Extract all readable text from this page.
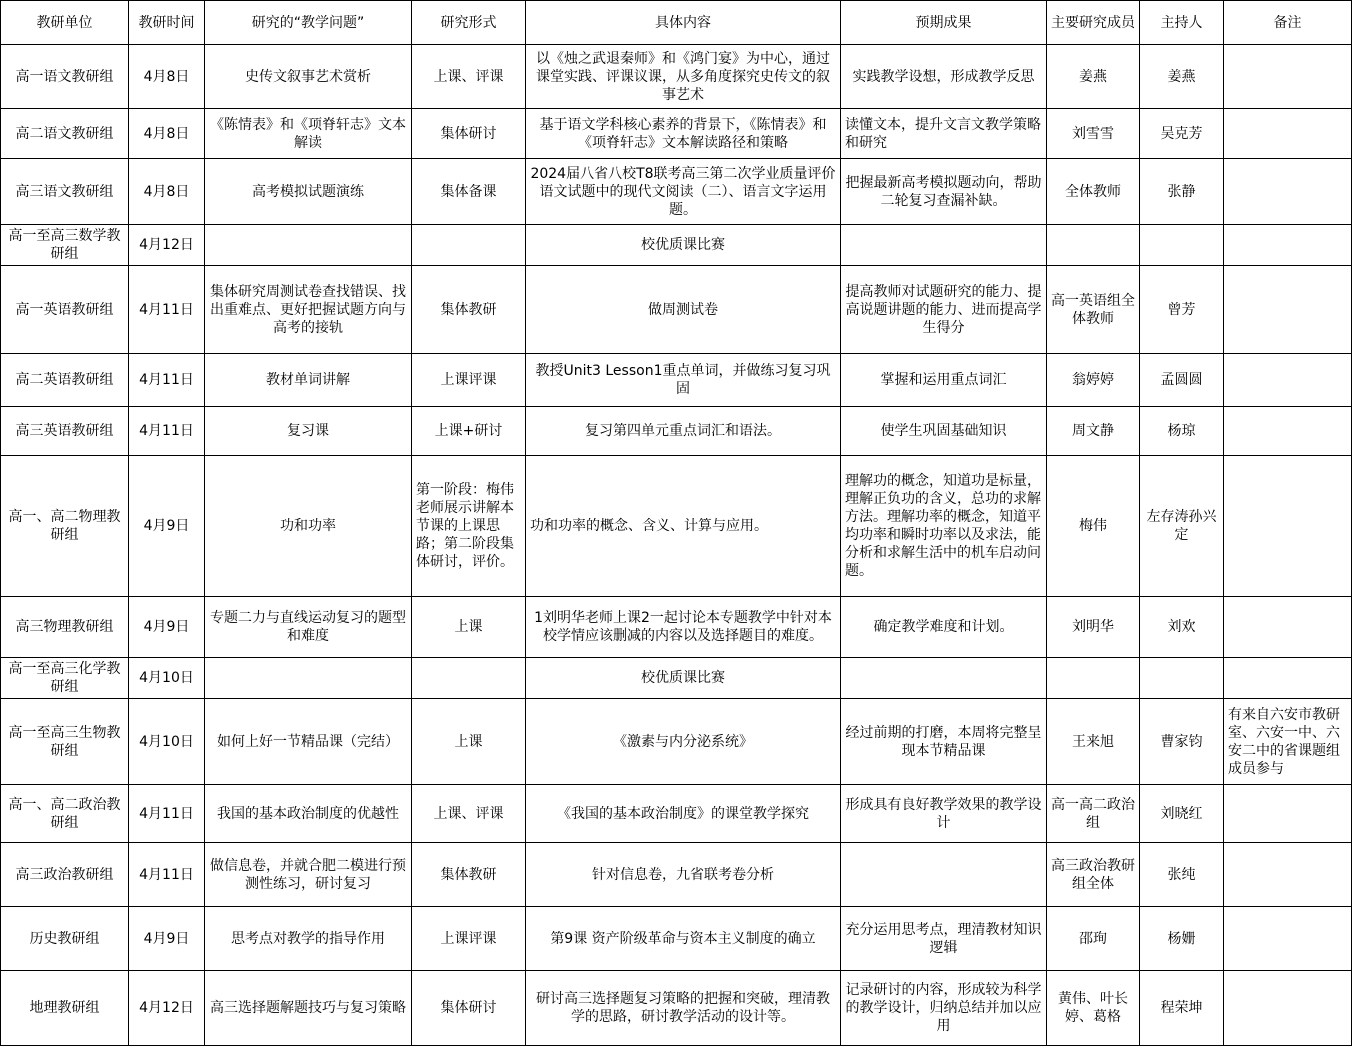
教研单位	教研时间	研究的“教学问题”	研究形式	具体内容	预期成果	主要研究成员	主持人	备注
高一语文教研组	4月8日	史传文叙事艺术赏析	上课、评课	以《烛之武退秦师》和《鸿门宴》为中心，通过课堂实践、评课议课，从多角度探究史传文的叙事艺术	实践教学设想，形成教学反思	姜燕	姜燕	
高二语文教研组	4月8日	《陈情表》和《项脊轩志》文本解读	集体研讨	基于语文学科核心素养的背景下，《陈情表》和《项脊轩志》文本解读路径和策略	读懂文本，提升文言文教学策略和研究	刘雪雪	吴克芳	
高三语文教研组	4月8日	高考模拟试题演练	集体备课	2024届八省八校T8联考高三第二次学业质量评价语文试题中的现代文阅读（二）、语言文字运用题。	把握最新高考模拟题动向，帮助二轮复习查漏补缺。	全体教师	张静	
高一至高三数学教研组	4月12日			校优质课比赛				
高一英语教研组	4月11日	集体研究周测试卷查找错误、找出重难点、更好把握试题方向与高考的接轨	集体教研	做周测试卷	提高教师对试题研究的能力、提高说题讲题的能力、进而提高学生得分	高一英语组全体教师	曾芳	
高二英语教研组	4月11日	教材单词讲解	上课评课	教授Unit3 Lesson1重点单词，并做练习复习巩固	掌握和运用重点词汇	翁婷婷	孟圆圆	
高三英语教研组	4月11日	复习课	上课+研讨	复习第四单元重点词汇和语法。	使学生巩固基础知识	周文静	杨琼	
高一、高二物理教研组	4月9日	功和功率	第一阶段：梅伟老师展示讲解本节课的上课思路；第二阶段集体研讨，评价。	功和功率的概念、含义、计算与应用。	理解功的概念，知道功是标量，理解正负功的含义，总功的求解方法。理解功率的概念，知道平均功率和瞬时功率以及求法，能分析和求解生活中的机车启动问题。	梅伟	左存涛孙兴定	
高三物理教研组	4月9日	专题二力与直线运动复习的题型和难度	上课	1刘明华老师上课2一起讨论本专题教学中针对本校学情应该删减的内容以及选择题目的难度。	确定教学难度和计划。	刘明华	刘欢	
高一至高三化学教研组	4月10日			校优质课比赛				
高一至高三生物教研组	4月10日	如何上好一节精品课（完结）	上课	《激素与内分泌系统》	经过前期的打磨，本周将完整呈现本节精品课	王来旭	曹家钧	有来自六安市教研室、六安一中、六安二中的省课题组成员参与
高一、高二政治教研组	4月11日	我国的基本政治制度的优越性	上课、评课	《我国的基本政治制度》的课堂教学探究	形成具有良好教学效果的教学设计	高一高二政治组	刘晓红	
高三政治教研组	4月11日	做信息卷，并就合肥二模进行预测性练习，研讨复习	集体教研	针对信息卷，九省联考卷分析		高三政治教研组全体	张纯	
历史教研组	4月9日	思考点对教学的指导作用	上课评课	第9课 资产阶级革命与资本主义制度的确立	充分运用思考点，理清教材知识逻辑	邵珣	杨姗	
地理教研组	4月12日	高三选择题解题技巧与复习策略	集体研讨	研讨高三选择题复习策略的把握和突破，理清教学的思路，研讨教学活动的设计等。	记录研讨的内容，形成较为科学的教学设计，归纳总结并加以应用	黄伟、叶长婷、葛格	程荣坤	
